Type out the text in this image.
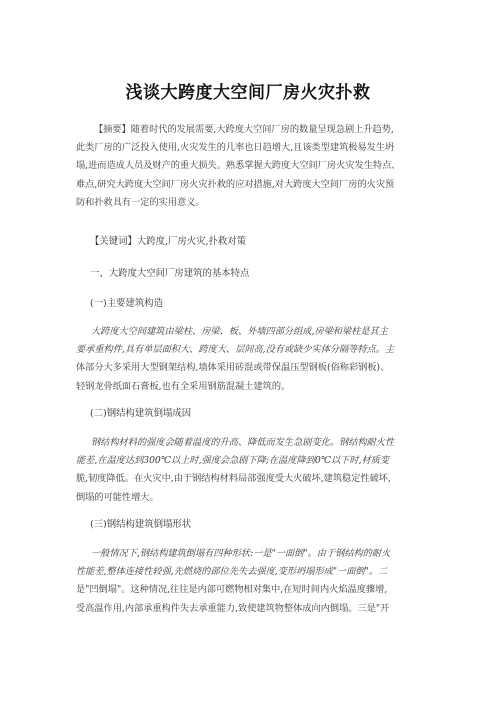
浅谈大跨度大空间厂房火灾扑救
【摘要】随着时代的发展需要,大跨度大空间厂房的数量呈现急剧上升趋势,
此类厂房的广泛投入使用,火灾发生的几率也日趋增大,且该类型建筑极易发生坍
塌,进而造成人员及财产的重大损失。熟悉掌握大跨度大空间厂房火灾发生特点、
难点,研究大跨度大空间厂房火灾扑救的应对措施,对大跨度大空间厂房的火灾预
防和扑救具有一定的实用意义。

【关键词】大跨度,厂房火灾,扑救对策

一、大跨度大空间厂房建筑的基本特点

(一)主要建筑构造

大跨度大空间建筑由梁柱、房梁、板、外墙四部分组成,房梁和梁柱是其主
要承重构件,具有单层面积大、跨度大、层间高,没有或缺少实体分隔等特点。主
体部分大多采用大型钢架结构,墙体采用砖混或带保温压型钢板(俗称彩钢板)、
轻钢龙骨纸面石膏板,也有全采用钢筋混凝土建筑的。

(二)钢结构建筑倒塌成因

钢结构材料的强度会随着温度的升高、降低而发生急剧变化。钢结构耐火性
能差,在温度达到300℃以上时,强度会急剧下降;在温度降到0℃以下时,材质变
脆,韧度降低。在火灾中,由于钢结构材料局部强度受大火破坏,建筑稳定性破坏,
倒塌的可能性增大。

(三)钢结构建筑倒塌形状

一般情况下,钢结构建筑倒塌有四种形状:一是"一面倒"。由于钢结构的耐火
性能差,整体连接性较强,先燃烧的部位先失去强度,变形坍塌形成"一面倒"。二
是"凹倒塌"。这种情况,往往是内部可燃物相对集中,在短时间内火焰温度骤增,
受高温作用,内部承重构件失去承重能力,致使建筑物整体成向内倒塌。三是"开
